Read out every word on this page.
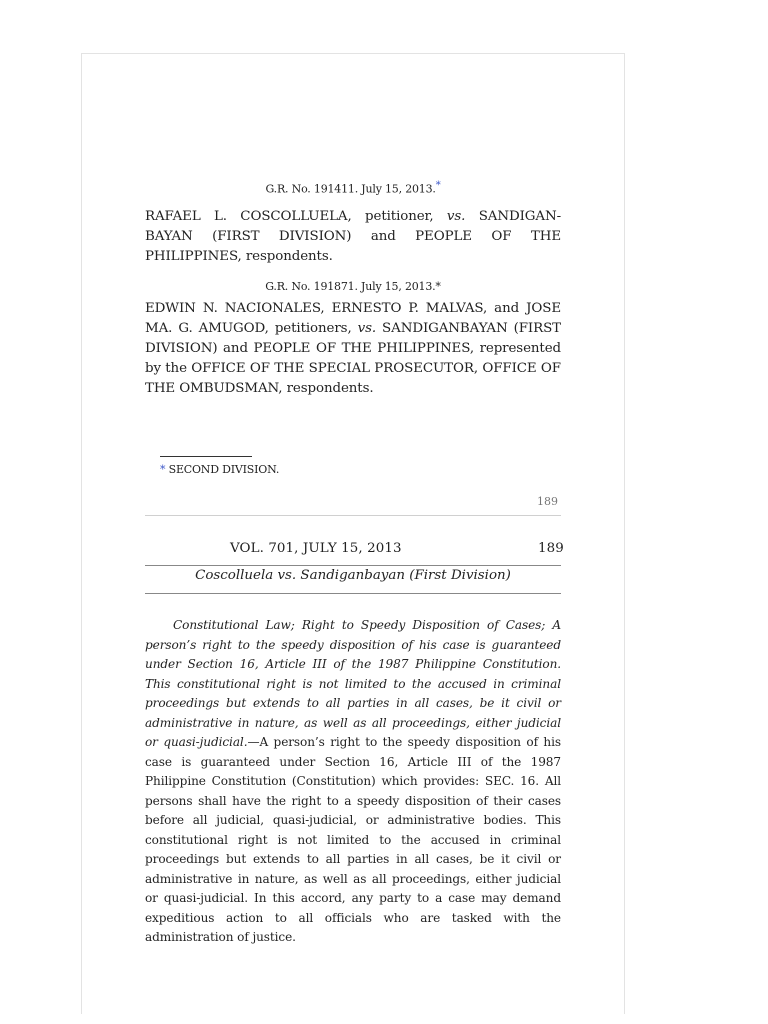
G.R. No. 191411. July 15, 2013.*
RAFAEL L. COSCOLLUELA, petitioner, vs. SANDIGAN-BAYAN (FIRST DIVISION) and PEOPLE OF THE PHILIPPINES, respondents.
G.R. No. 191871. July 15, 2013.*
EDWIN N. NACIONALES, ERNESTO P. MALVAS, and JOSE MA. G. AMUGOD, petitioners, vs. SANDIGANBAYAN (FIRST DIVISION) and PEOPLE OF THE PHILIPPINES, represented by the OFFICE OF THE SPECIAL PROSECUTOR, OFFICE OF THE OMBUDSMAN, respondents.
* SECOND DIVISION.
189
VOL. 701, JULY 15, 2013	189
Coscolluela vs. Sandiganbayan (First Division)
Constitutional Law; Right to Speedy Disposition of Cases; A person’s right to the speedy disposition of his case is guaranteed under Section 16, Article III of the 1987 Philippine Constitution. This constitutional right is not limited to the accused in criminal proceedings but extends to all parties in all cases, be it civil or administrative in nature, as well as all proceedings, either judicial or quasi-judicial.—A person’s right to the speedy disposition of his case is guaranteed under Section 16, Article III of the 1987 Philippine Constitution (Constitution) which provides: SEC. 16. All persons shall have the right to a speedy disposition of their cases before all judicial, quasi-judicial, or administrative bodies. This constitutional right is not limited to the accused in criminal proceedings but extends to all parties in all cases, be it civil or administrative in nature, as well as all proceedings, either judicial or quasi-judicial. In this accord, any party to a case may demand expeditious action to all officials who are tasked with the administration of justice.
